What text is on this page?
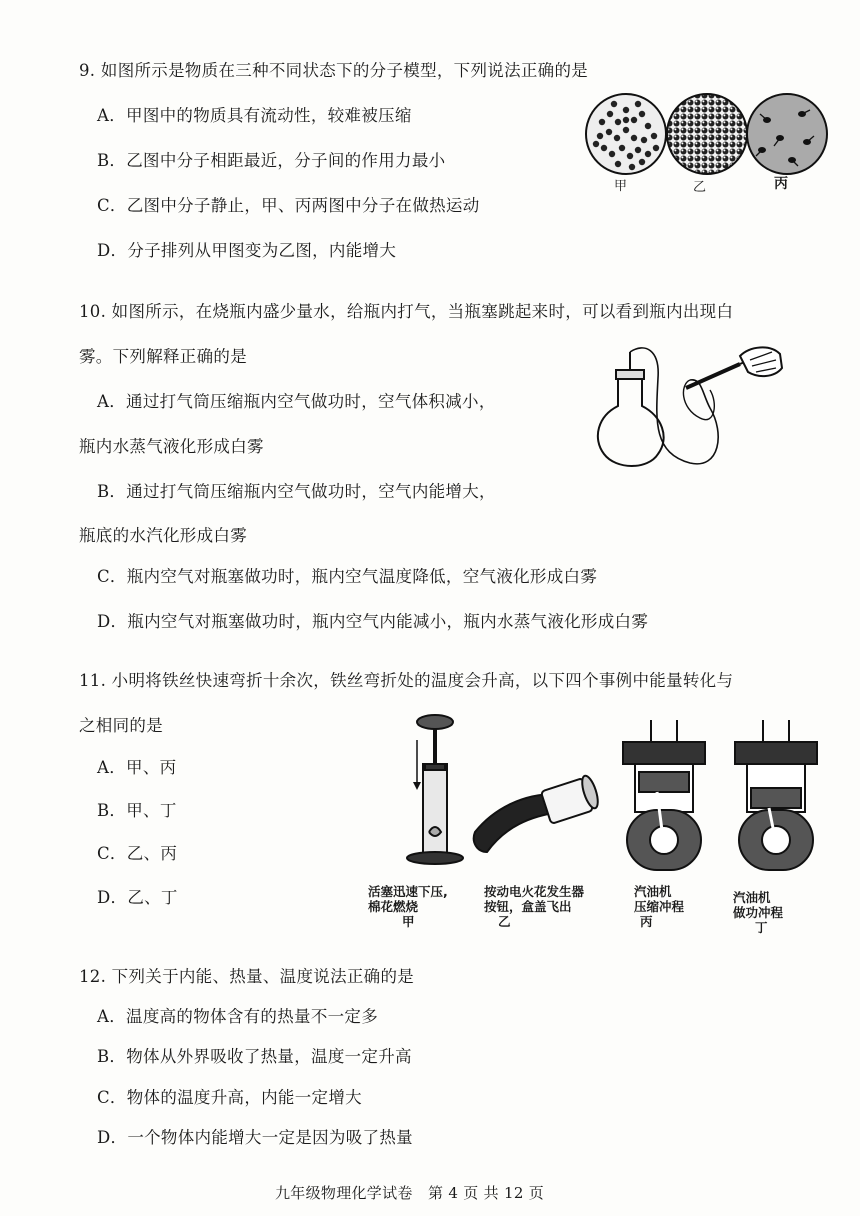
9. 如图所示是物质在三种不同状态下的分子模型，下列说法正确的是
A．甲图中的物质具有流动性，较难被压缩
B．乙图中分子相距最近，分子间的作用力最小
C．乙图中分子静止，甲、丙两图中分子在做热运动
D．分子排列从甲图变为乙图，内能增大
甲	乙	丙
10. 如图所示，在烧瓶内盛少量水，给瓶内打气，当瓶塞跳起来时，可以看到瓶内出现白
雾。下列解释正确的是
A．通过打气筒压缩瓶内空气做功时，空气体积减小，
瓶内水蒸气液化形成白雾
B．通过打气筒压缩瓶内空气做功时，空气内能增大，
瓶底的水汽化形成白雾
C．瓶内空气对瓶塞做功时，瓶内空气温度降低，空气液化形成白雾
D．瓶内空气对瓶塞做功时，瓶内空气内能减小，瓶内水蒸气液化形成白雾
11. 小明将铁丝快速弯折十余次，铁丝弯折处的温度会升高，以下四个事例中能量转化与
之相同的是
A．甲、丙
B．甲、丁
C．乙、丙
D．乙、丁	活塞迅速下压,
棉花燃烧
甲
按动电火花发生器
按钮，盒盖飞出
乙
汽油机
压缩冲程
丙
汽油机
做功冲程
丁
12. 下列关于内能、热量、温度说法正确的是
A．温度高的物体含有的热量不一定多
B．物体从外界吸收了热量，温度一定升高
C．物体的温度升高，内能一定增大
D．一个物体内能增大一定是因为吸了热量
九年级物理化学试卷　第 4 页 共 12 页
